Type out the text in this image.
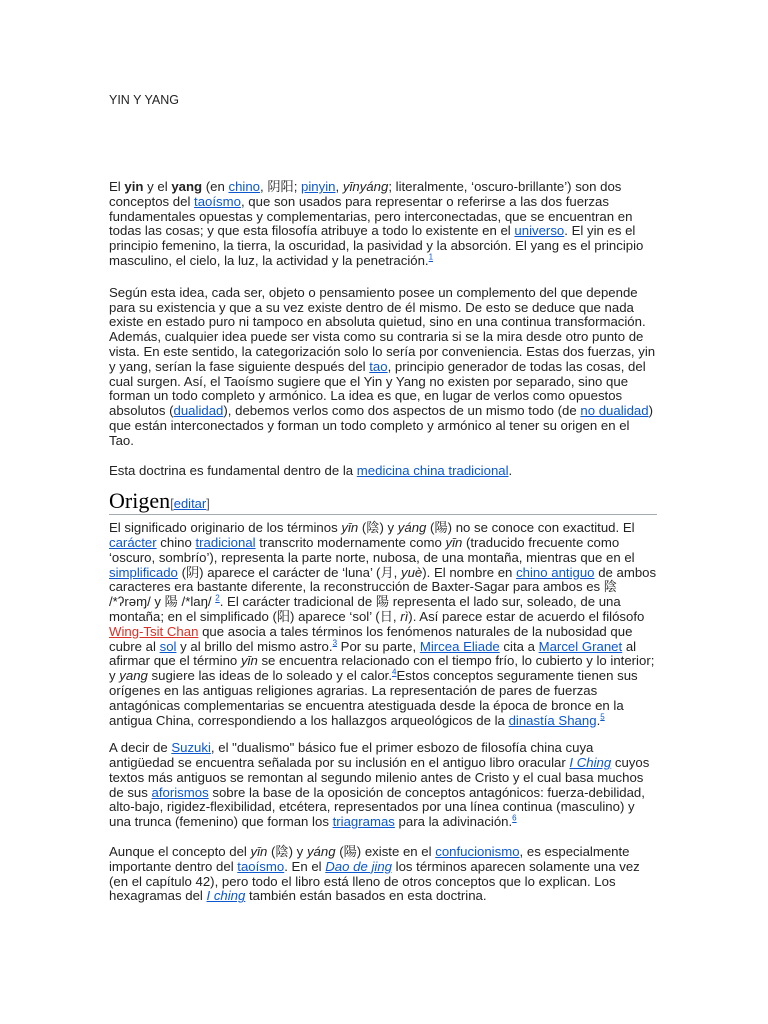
YIN Y YANG

El yin y el yang (en chino, 阴阳; pinyin, yīnyáng; literalmente, ‘oscuro-brillante’) son dos conceptos del taoísmo, que son usados para representar o referirse a las dos fuerzas fundamentales opuestas y complementarias, pero interconectadas, que se encuentran en todas las cosas; y que esta filosofía atribuye a todo lo existente en el universo. El yin es el principio femenino, la tierra, la oscuridad, la pasividad y la absorción. El yang es el principio masculino, el cielo, la luz, la actividad y la penetración.$^1$

Según esta idea, cada ser, objeto o pensamiento posee un complemento del que depende para su existencia y que a su vez existe dentro de él mismo. De esto se deduce que nada existe en estado puro ni tampoco en absoluta quietud, sino en una continua transformación. Además, cualquier idea puede ser vista como su contraria si se la mira desde otro punto de vista. En este sentido, la categorización solo lo sería por conveniencia. Estas dos fuerzas, yin y yang, serían la fase siguiente después del tao, principio generador de todas las cosas, del cual surgen. Así, el Taoísmo sugiere que el Yin y Yang no existen por separado, sino que forman un todo completo y armónico. La idea es que, en lugar de verlos como opuestos absolutos (dualidad), debemos verlos como dos aspectos de un mismo todo (de no dualidad) que están interconectados y forman un todo completo y armónico al tener su origen en el Tao.

Esta doctrina es fundamental dentro de la medicina china tradicional.

Origen[editar]

El significado originario de los términos yīn (陰) y yáng (陽) no se conoce con exactitud. El carácter chino tradicional transcrito modernamente como yīn (traducido frecuente como ‘oscuro, sombrío’), representa la parte norte, nubosa, de una montaña, mientras que en el simplificado (阴) aparece el carácter de ‘luna’ (月, yuè). El nombre en chino antiguo de ambos caracteres era bastante diferente, la reconstrucción de Baxter-Sagar para ambos es 陰 /*ʔrəɱ/ y 陽 /*laŋ/ $^2$. El carácter tradicional de 陽 representa el lado sur, soleado, de una montaña; en el simplificado (阳) aparece ‘sol’ (日, rì). Así parece estar de acuerdo el filósofo Wing-Tsit Chan que asocia a tales términos los fenómenos naturales de la nubosidad que cubre al sol y al brillo del mismo astro.$^3$ Por su parte, Mircea Eliade cita a Marcel Granet al afirmar que el término yīn se encuentra relacionado con el tiempo frío, lo cubierto y lo interior; y yang sugiere las ideas de lo soleado y el calor.$^4$Estos conceptos seguramente tienen sus orígenes en las antiguas religiones agrarias. La representación de pares de fuerzas antagónicas complementarias se encuentra atestiguada desde la época de bronce en la antigua China, correspondiendo a los hallazgos arqueológicos de la dinastía Shang.$^5$

A decir de Suzuki, el "dualismo" básico fue el primer esbozo de filosofía china cuya antigüedad se encuentra señalada por su inclusión en el antiguo libro oracular I Ching cuyos textos más antiguos se remontan al segundo milenio antes de Cristo y el cual basa muchos de sus aforismos sobre la base de la oposición de conceptos antagónicos: fuerza-debilidad, alto-bajo, rigidez-flexibilidad, etcétera, representados por una línea continua (masculino) y una trunca (femenino) que forman los triagramas para la adivinación.$^6$

Aunque el concepto del yīn (陰) y yáng (陽) existe en el confucionismo, es especialmente importante dentro del taoísmo. En el Dao de jing los términos aparecen solamente una vez (en el capítulo 42), pero todo el libro está lleno de otros conceptos que lo explican. Los hexagramas del I ching también están basados en esta doctrina.
